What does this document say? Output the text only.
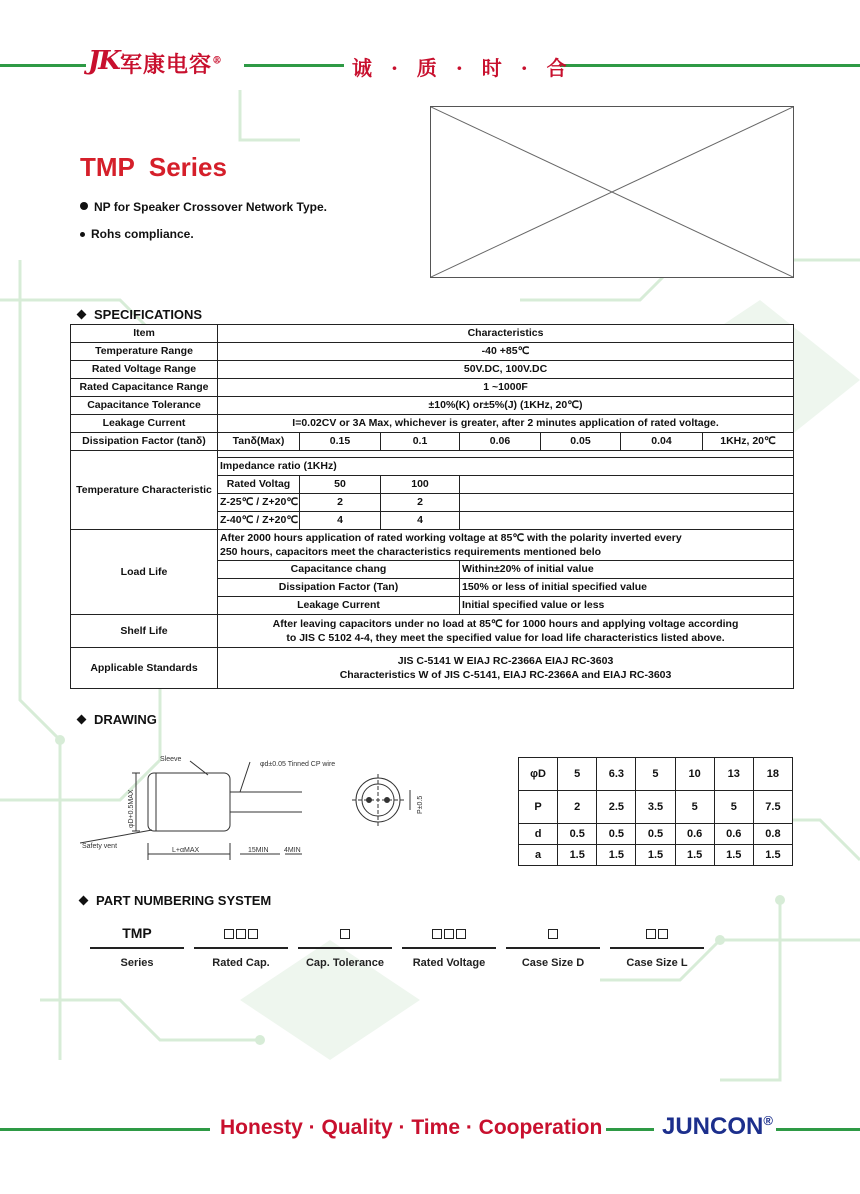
JK 军康电容®	诚 · 质 · 时 · 合
TMP  Series
NP for Speaker Crossover Network Type.
Rohs compliance.
SPECIFICATIONS
Item	Characteristics						
Temperature Range	-40 +85℃						
Rated Voltage Range	50V.DC, 100V.DC						
Rated Capacitance Range	1 ~1000F						
Capacitance Tolerance	±10%(K) or±5%(J) (1KHz, 20℃)						
Leakage Current	I=0.02CV or 3A Max, whichever is greater, after 2 minutes application of rated voltage.						
Dissipation Factor (tanδ)	Tanδ(Max)	0.15	0.1	0.06	0.05	0.04	1KHz, 20℃
Temperature Characteristic							
	Impedance ratio (1KHz)						
	Rated Voltag	50	100				
	Z-25℃ / Z+20℃	2	2				
	Z-40℃ / Z+20℃	4	4				
Load Life	After 2000 hours application of rated working voltage at 85℃ with the polarity inverted every
250 hours, capacitors meet the characteristics requirements mentioned belo						

	Capacitance chang			Within±20% of initial value			
	Dissipation Factor (Tan)			150% or less of initial specified value			
	Leakage Current			Initial specified value or less			
Shelf Life	After leaving capacitors under no load at 85℃ for 1000 hours and applying voltage according
to JIS C 5102 4-4, they meet the specified value for load life characteristics listed above.						

Applicable Standards	JIS C-5141 W EIAJ RC-2366A EIAJ RC-3603
Characteristics W of JIS C-5141, EIAJ RC-2366A and EIAJ RC-3603						
DRAWING
Sleeve
φd±0.05 Tinned CP wire
φD+0.5MAX
Safety vent
L+αMAX	15MIN 4MIN
P±0.5
φD	5	6.3	5	10	13	18
P	2	2.5	3.5	5	5	7.5
d	0.5	0.5	0.5	0.6	0.6	0.8
a	1.5	1.5	1.5	1.5	1.5	1.5
PART NUMBERING SYSTEM
TMP
Series	Rated Cap.	Cap. Tolerance	Rated Voltage	Case Size D	Case Size L
Honesty · Quality · Time · Cooperation JUNCON®
